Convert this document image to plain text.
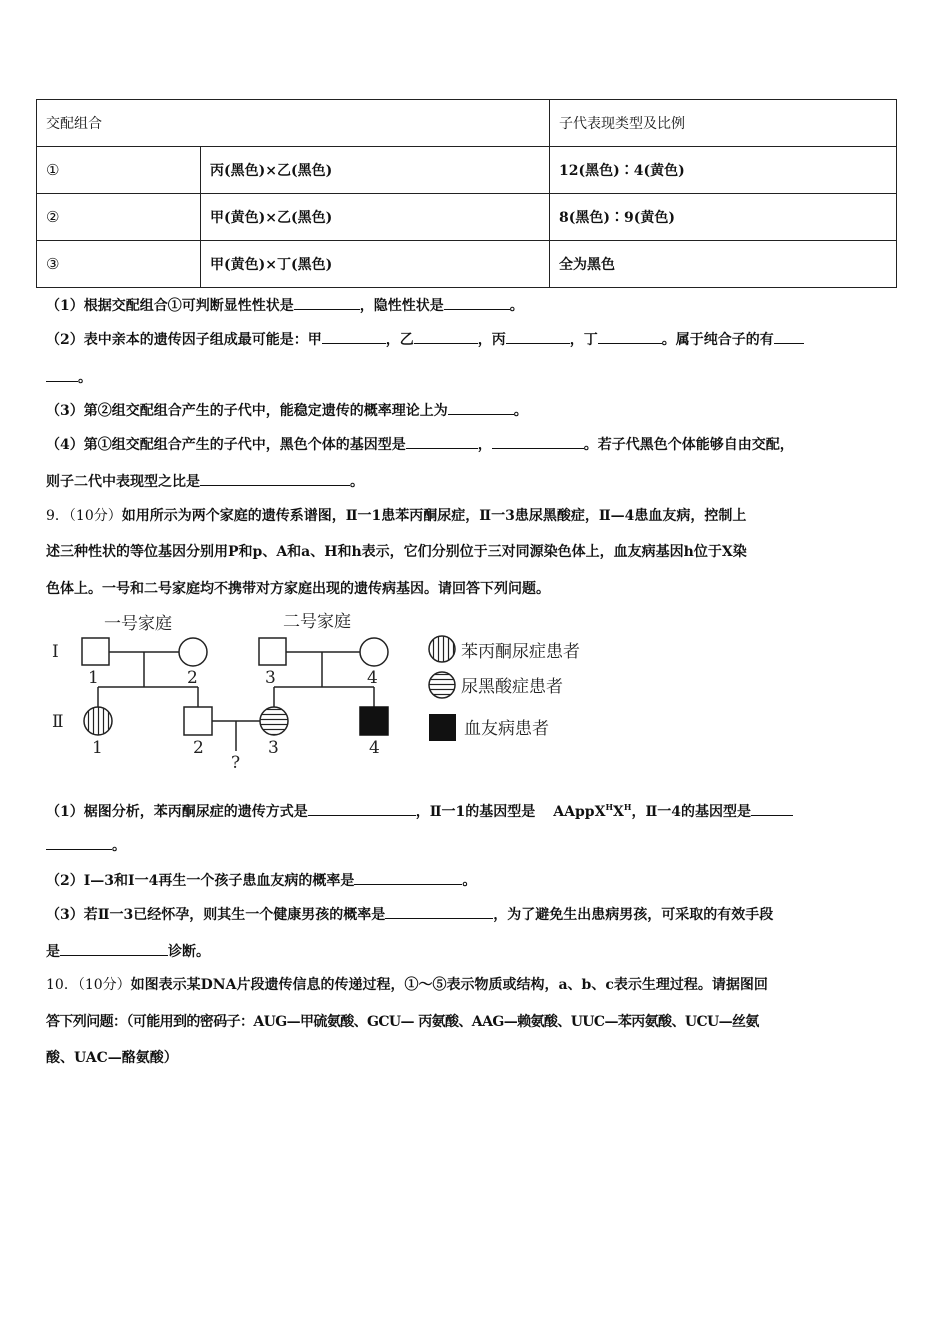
交配组合		子代表现类型及比例
①	丙(黑色)×乙(黑色)	12(黑色)∶4(黄色)
②	甲(黄色)×乙(黑色)	8(黑色)∶9(黄色)
③	甲(黄色)×丁(黑色)	全为黑色
（1）根据交配组合①可判断显性性状是	，隐性性状是	。
（2）表中亲本的遗传因子组成最可能是：甲	，乙	，丙	，丁	。属于纯合子的有
。
（3）第②组交配组合产生的子代中，能稳定遗传的概率理论上为	。
（4）第①组交配组合产生的子代中，黑色个体的基因型是	，	。若子代黑色个体能够自由交配，
则子二代中表现型之比是	。
9．（10分）如用所示为两个家庭的遗传系谱图，Ⅱ一1患苯丙酮尿症，Ⅱ一3患尿黑酸症，Ⅱ—4患血友病，控制上
述三种性状的等位基因分别用P和p、A和a、H和h表示，它们分别位于三对同源染色体上，血友病基因h位于X染
色体上。一号和二号家庭均不携带对方家庭出现的遗传病基因。请回答下列问题。
一号家庭	二号家庭
Ⅰ
Ⅱ
1	2
1	2
3	4
3	4
?
苯丙酮尿症患者
尿黑酸症患者
血友病患者
（1）椐图分析，苯丙酮尿症的遗传方式是	，Ⅱ一1的基因型是 $AAppX^HX^H$，Ⅱ一4的基因型是
。
（2）Ⅰ—3和Ⅰ一4再生一个孩子患血友病的概率是	。
（3）若Ⅱ一3已经怀孕，则其生一个健康男孩的概率是	，为了避免生出患病男孩，可采取的有效手段
是	诊断。
10．（10分）如图表示某DNA片段遗传信息的传递过程，①～⑤表示物质或结构，a、b、c表示生理过程。请据图回
答下列问题：（可能用到的密码子：AUG—甲硫氨酸、GCU— 丙氨酸、AAG—赖氨酸、UUC—苯丙氨酸、UCU—丝氨
酸、UAC—酪氨酸）
